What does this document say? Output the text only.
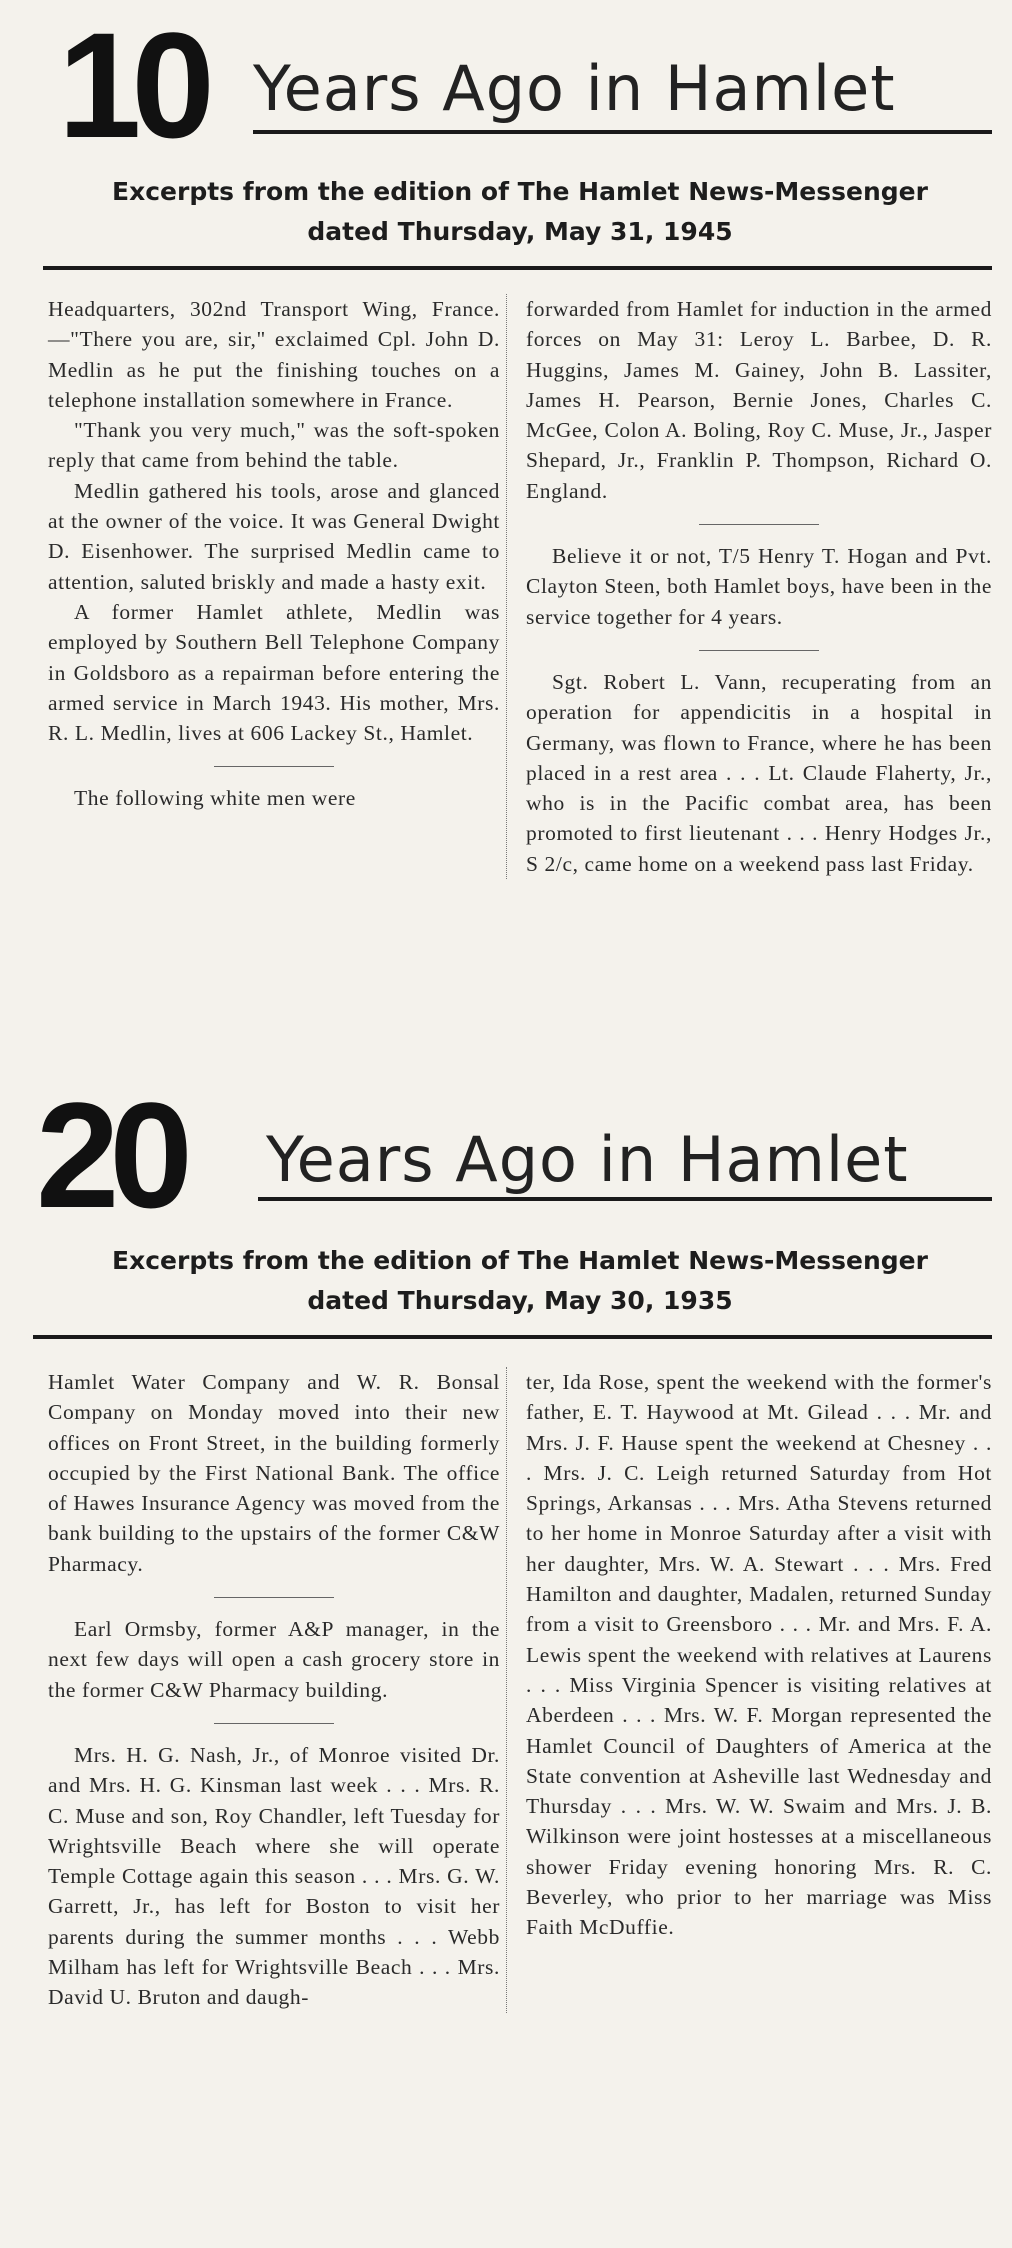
10 Years Ago in Hamlet
Excerpts from the edition of The Hamlet News-Messenger
dated Thursday, May 31, 1945

Headquarters, 302nd Transport Wing, France.—"There you are, sir," exclaimed Cpl. John D. Medlin as he put the finishing touches on a telephone installation somewhere in France.

"Thank you very much," was the soft-spoken reply that came from behind the table.

Medlin gathered his tools, arose and glanced at the owner of the voice. It was General Dwight D. Eisenhower. The surprised Medlin came to attention, saluted briskly and made a hasty exit.

A former Hamlet athlete, Medlin was employed by Southern Bell Telephone Company in Goldsboro as a repairman before entering the armed service in March 1943. His mother, Mrs. R. L. Medlin, lives at 606 Lackey St., Hamlet.

The following white men were

forwarded from Hamlet for induction in the armed forces on May 31: Leroy L. Barbee, D. R. Huggins, James M. Gainey, John B. Lassiter, James H. Pearson, Bernie Jones, Charles C. McGee, Colon A. Boling, Roy C. Muse, Jr., Jasper Shepard, Jr., Franklin P. Thompson, Richard O. England.

Believe it or not, T/5 Henry T. Hogan and Pvt. Clayton Steen, both Hamlet boys, have been in the service together for 4 years.

Sgt. Robert L. Vann, recuperating from an operation for appendicitis in a hospital in Germany, was flown to France, where he has been placed in a rest area . . . Lt. Claude Flaherty, Jr., who is in the Pacific combat area, has been promoted to first lieutenant . . . Henry Hodges Jr., S 2/c, came home on a weekend pass last Friday.

20 Years Ago in Hamlet
Excerpts from the edition of The Hamlet News-Messenger
dated Thursday, May 30, 1935

Hamlet Water Company and W. R. Bonsal Company on Monday moved into their new offices on Front Street, in the building formerly occupied by the First National Bank. The office of Hawes Insurance Agency was moved from the bank building to the upstairs of the former C&W Pharmacy.

Earl Ormsby, former A&P manager, in the next few days will open a cash grocery store in the former C&W Pharmacy building.

Mrs. H. G. Nash, Jr., of Monroe visited Dr. and Mrs. H. G. Kinsman last week . . . Mrs. R. C. Muse and son, Roy Chandler, left Tuesday for Wrightsville Beach where she will operate Temple Cottage again this season . . . Mrs. G. W. Garrett, Jr., has left for Boston to visit her parents during the summer months . . . Webb Milham has left for Wrightsville Beach . . . Mrs. David U. Bruton and daugh-

ter, Ida Rose, spent the weekend with the former's father, E. T. Haywood at Mt. Gilead . . . Mr. and Mrs. J. F. Hause spent the weekend at Chesney . . . Mrs. J. C. Leigh returned Saturday from Hot Springs, Arkansas . . . Mrs. Atha Stevens returned to her home in Monroe Saturday after a visit with her daughter, Mrs. W. A. Stewart . . . Mrs. Fred Hamilton and daughter, Madalen, returned Sunday from a visit to Greensboro . . . Mr. and Mrs. F. A. Lewis spent the weekend with relatives at Laurens . . . Miss Virginia Spencer is visiting relatives at Aberdeen . . . Mrs. W. F. Morgan represented the Hamlet Council of Daughters of America at the State convention at Asheville last Wednesday and Thursday . . . Mrs. W. W. Swaim and Mrs. J. B. Wilkinson were joint hostesses at a miscellaneous shower Friday evening honoring Mrs. R. C. Beverley, who prior to her marriage was Miss Faith McDuffie.
